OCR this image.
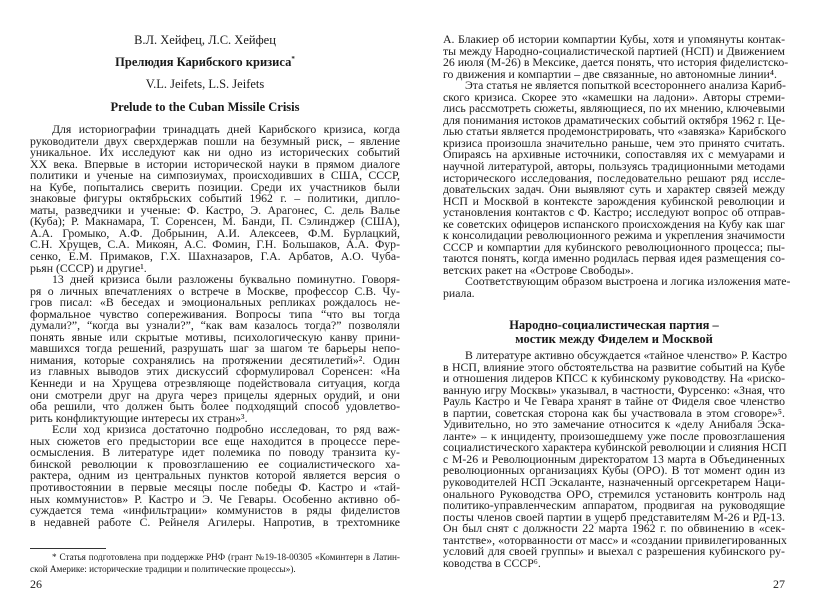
В.Л. Хейфец, Л.С. Хейфец
Прелюдия Карибского кризиса*
V.L. Jeifets, L.S. Jeifets
Prelude to the Cuban Missile Crisis
Для историографии тринадцать дней Карибского кризиса, когда
руководители двух сверхдержав пошли на безумный риск, – явление
уникальное. Их исследуют как ни одно из исторических событий
XX века. Впервые в истории исторической науки в прямом диалоге
политики и ученые на симпозиумах, происходивших в США, СССР,
на Кубе, попытались сверить позиции. Среди их участников были
знаковые фигуры октябрьских событий 1962 г. – политики, дипло-
маты, разведчики и ученые: Ф. Кастро, Э. Арагонес, С. дель Валье
(Куба); Р. Макнамара, Т. Соренсен, М. Банди, П. Сэлинджер (США),
А.А. Громыко, А.Ф. Добрынин, А.И. Алексеев, Ф.М. Бурлацкий,
С.Н. Хрущев, С.А. Микоян, А.С. Фомин, Г.Н. Большаков, А.А. Фур-
сенко, Е.М. Примаков, Г.Х. Шахназаров, Г.А. Арбатов, А.О. Чуба-
рьян (СССР) и другие¹.
13 дней кризиса были разложены буквально поминутно. Говоря-
ря о личных впечатлениях о встрече в Москве, профессор С.В. Чу-
гров писал: «В беседах и эмоциональных репликах рождалось не-
формальное чувство сопереживания. Вопросы типа “что вы тогда
думали?”, “когда вы узнали?”, “как вам казалось тогда?” позволяли
понять явные или скрытые мотивы, психологическую канву прини-
мавшихся тогда решений, разрушать шаг за шагом те барьеры непо-
нимания, которые сохранялись на протяжении десятилетий»². Один
из главных выводов этих дискуссий сформулировал Соренсен: «На
Кеннеди и на Хрущева отрезвляюще подействовала ситуация, когда
они смотрели друг на друга через прицелы ядерных орудий, и они
оба решили, что должен быть более подходящий способ удовлетво-
рить конфликтующие интересы их стран»³.
Если ход кризиса достаточно подробно исследован, то ряд важ-
ных сюжетов его предыстории все еще находится в процессе пере-
осмысления. В литературе идет полемика по поводу транзита ку-
бинской революции к провозглашению ее социалистического ха-
рактера, одним из центральных пунктов которой является версия о
противостоянии в первые месяцы после победы Ф. Кастро и «тай-
ных коммунистов» Р. Кастро и Э. Че Гевары. Особенно активно об-
суждается тема «инфильтрации» коммунистов в ряды фиделистов
в недавней работе С. Рейнеля Агилеры. Напротив, в трехтомнике
* Статья подготовлена при поддержке РНФ (грант №19-18-00305 «Коминтерн в Латин-
ской Америке: исторические традиции и политические процессы»).
26
А. Блакиер об истории компартии Кубы, хотя и упомянуты контак-
ты между Народно-социалистической партией (НСП) и Движением
26 июля (М-26) в Мексике, дается понять, что история фиделистско-
го движения и компартии – две связанные, но автономные линии⁴.
Эта статья не является попыткой всестороннего анализа Кариб-
ского кризиса. Скорее это «камешки на ладони». Авторы стреми-
лись рассмотреть сюжеты, являющиеся, по их мнению, ключевыми
для понимания истоков драматических событий октября 1962 г. Це-
лью статьи является продемонстрировать, что «завязка» Карибского
кризиса произошла значительно раньше, чем это принято считать.
Опираясь на архивные источники, сопоставляя их с мемуарами и
научной литературой, авторы, пользуясь традиционными методами
исторического исследования, последовательно решают ряд иссле-
довательских задач. Они выявляют суть и характер связей между
НСП и Москвой в контексте зарождения кубинской революции и
установления контактов с Ф. Кастро; исследуют вопрос об отправ-
ке советских офицеров испанского происхождения на Кубу как шаг
к консолидации революционного режима и укрепления значимости
СССР и компартии для кубинского революционного процесса; пы-
таются понять, когда именно родилась первая идея размещения со-
ветских ракет на «Острове Свободы».
Соответствующим образом выстроена и логика изложения мате-
риала.
Народно-социалистическая партия –
мостик между Фиделем и Москвой
В литературе активно обсуждается «тайное членство» Р. Кастро
в НСП, влияние этого обстоятельства на развитие событий на Кубе
и отношения лидеров КПСС к кубинскому руководству. На «риско-
ванную игру Москвы» указывал, в частности, Фурсенко: «Зная, что
Рауль Кастро и Че Гевара хранят в тайне от Фиделя свое членство
в партии, советская сторона как бы участвовала в этом сговоре»⁵.
Удивительно, но это замечание относится к «делу Анибаля Эска-
ланте» – к инциденту, произошедшему уже после провозглашения
социалистического характера кубинской революции и слияния НСП
с М-26 и Революционным директоратом 13 марта в Объединенных
революционных организациях Кубы (ОРО). В тот момент один из
руководителей НСП Эскаланте, назначенный оргсекретарем Наци-
онального Руководства ОРО, стремился установить контроль над
политико-управленческим аппаратом, продвигая на руководящие
посты членов своей партии в ущерб представителям М-26 и РД-13.
Он был снят с должности 22 марта 1962 г. по обвинению в «сек-
тантстве», «оторванности от масс» и «создании привилегированных
условий для своей группы» и выехал с разрешения кубинского ру-
ководства в СССР⁶.
27
